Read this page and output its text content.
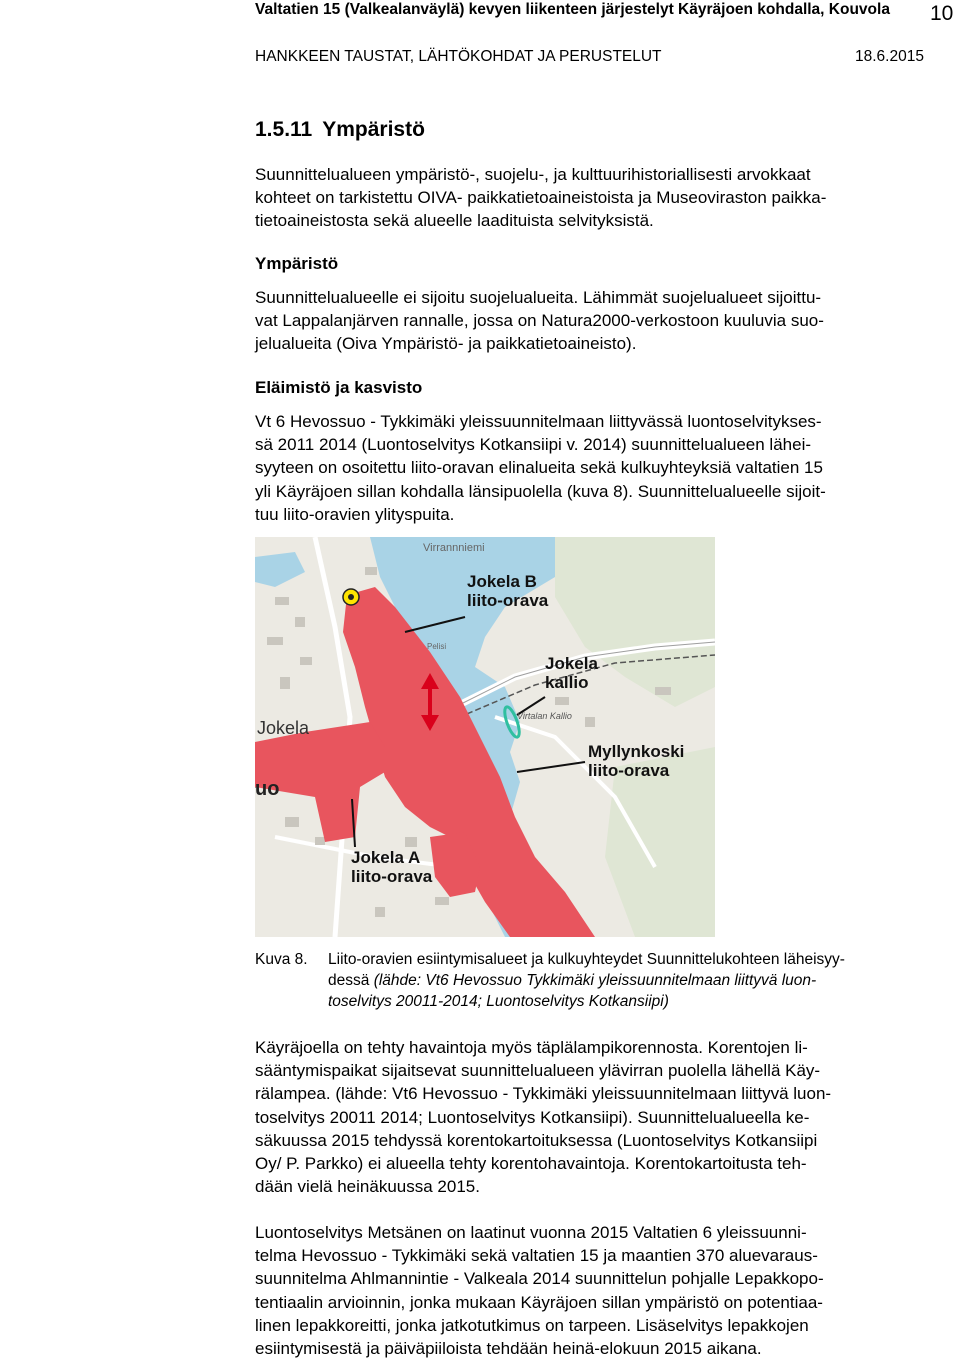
Valtatien 15 (Valkealanväylä) kevyen liikenteen järjestelyt Käyräjoen kohdalla, Kouvola	10
HANKKEEN TAUSTAT, LÄHTÖKOHDAT JA PERUSTELUT	18.6.2015
1.5.11 Ympäristö
Suunnittelualueen ympäristö-, suojelu-, ja kulttuurihistoriallisesti arvokkaat
kohteet on tarkistettu OIVA- paikkatietoaineistoista ja Museoviraston paikka-
tietoaineistosta sekä alueelle laadituista selvityksistä.
Ympäristö
Suunnittelualueelle ei sijoitu suojelualueita. Lähimmät suojelualueet sijoittu-
vat Lappalanjärven rannalle, jossa on Natura2000-verkostoon kuuluvia suo-
jelualueita (Oiva Ympäristö- ja paikkatietoaineisto).
Eläimistö ja kasvisto
Vt 6 Hevossuo - Tykkimäki yleissuunnitelmaan liittyvässä luontoselvitykses-
sä 2011 2014 (Luontoselvitys Kotkansiipi v. 2014) suunnittelualueen lähei-
syyteen on osoitettu liito-oravan elinalueita sekä kulkuyhteyksiä valtatien 15
yli Käyräjoen sillan kohdalla länsipuolella (kuva 8). Suunnittelualueelle sijoit-
tuu liito-oravien ylityspuita.
Virrannniemi
Pelisi
Virtalan Kallio
Jokela
uo
Jokela B liito-orava
Jokela kallio
Myllynkoski liito-orava
Jokela A liito-orava
Kuva 8. Liito-oravien esiintymisalueet ja kulkuyhteydet Suunnittelukohteen läheisyy-
dessä (lähde: Vt6 Hevossuo Tykkimäki yleissuunnitelmaan liittyvä luon-
toselvitys 20011-2014; Luontoselvitys Kotkansiipi)
Käyräjoella on tehty havaintoja myös täplälampikorennosta. Korentojen li-
sääntymispaikat sijaitsevat suunnittelualueen ylävirran puolella lähellä Käy-
rälampea. (lähde: Vt6 Hevossuo - Tykkimäki yleissuunnitelmaan liittyvä luon-
toselvitys 20011 2014; Luontoselvitys Kotkansiipi). Suunnittelualueella ke-
säkuussa 2015 tehdyssä korentokartoituksessa (Luontoselvitys Kotkansiipi
Oy/ P. Parkko) ei alueella tehty korentohavaintoja. Korentokartoitusta teh-
dään vielä heinäkuussa 2015.
Luontoselvitys Metsänen on laatinut vuonna 2015 Valtatien 6 yleissuunni-
telma Hevossuo - Tykkimäki sekä valtatien 15 ja maantien 370 aluevaraus-
suunnitelma Ahlmannintie - Valkeala 2014 suunnittelun pohjalle Lepakkopo-
tentiaalin arvioinnin, jonka mukaan Käyräjoen sillan ympäristö on potentiaa-
linen lepakkoreitti, jonka jatkotutkimus on tarpeen. Lisäselvitys lepakkojen
esiintymisestä ja päiväpiiloista tehdään heinä-elokuun 2015 aikana.
